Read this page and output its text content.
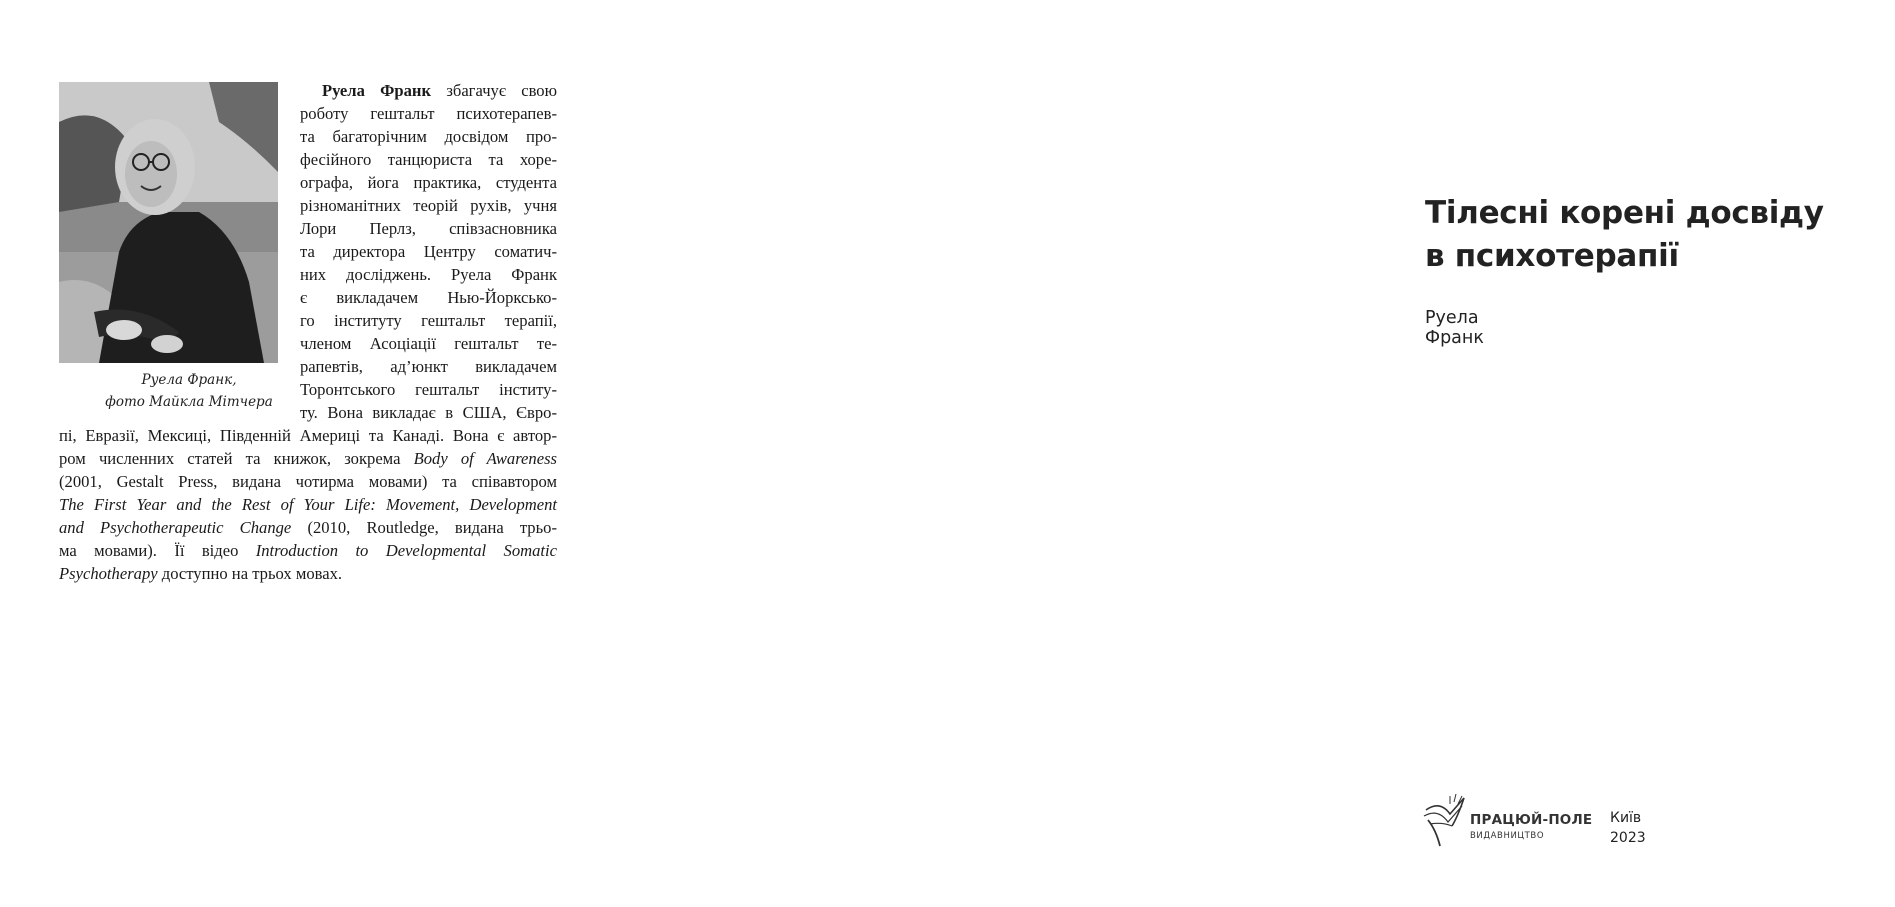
Руела Франк,
фото Майкла Мітчера
Руела Франк збагачує свою
роботу гештальт психотерапев-
та багаторічним досвідом про-
фесійного танцюриста та хоре-
ографа, йога практика, студента
різноманітних теорій рухів, учня
Лори Перлз, співзасновника
та директора Центру соматич-
них досліджень. Руела Франк
є викладачем Нью-Йорксько-
го інституту гештальт терапії,
членом Асоціації гештальт те-
рапевтів, ад’юнкт викладачем
Торонтського гештальт інститу-
ту. Вона викладає в США, Євро-
пі, Евразії, Мексиці, Південній Америці та Канаді. Вона є автор-
ром численних статей та книжок, зокрема Body of Awareness
(2001, Gestalt Press, видана чотирма мовами) та співавтором
The First Year and the Rest of Your Life: Movement, Development
and Psychotherapeutic Change (2010, Routledge, видана трьо-
ма мовами). Її відео Introduction to Developmental Somatic
Psychotherapy доступно на трьох мовах.
Тілесні корені досвіду
в психотерапії
Руела Франк
ПРАЦЮЙ-ПОЛЕ
ВИДАВНИЦТВО
Київ
2023
